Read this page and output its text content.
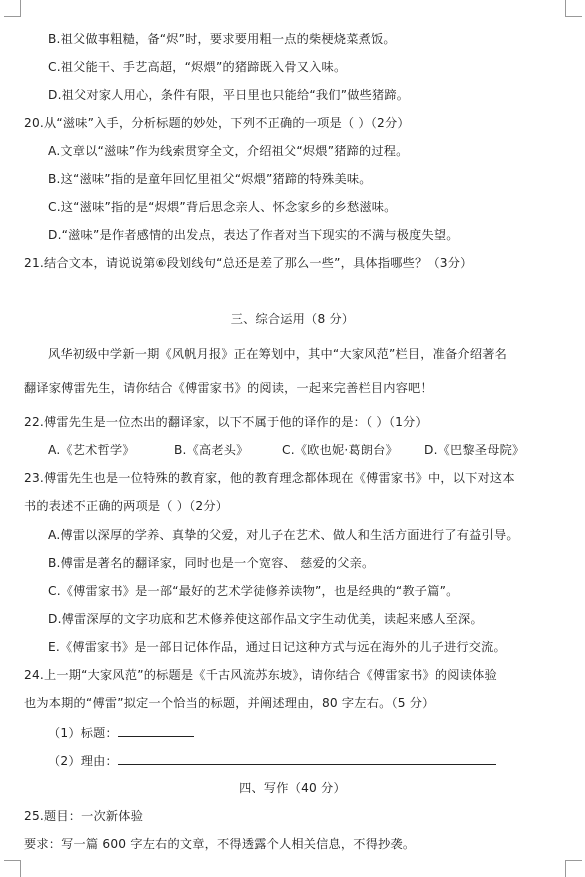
B.祖父做事粗糙，备“烬”时，要求要用粗一点的柴梗烧菜煮饭。
C.祖父能干、手艺高超，“烬煨”的猪蹄既入骨又入味。
D.祖父对家人用心，条件有限，平日里也只能给“我们”做些猪蹄。
20.从“滋味”入手，分析标题的妙处，下列不正确的一项是（ ）（2分）
A.文章以“滋味”作为线索贯穿全文，介绍祖父“烬煨”猪蹄的过程。
B.这“滋味”指的是童年回忆里祖父“烬煨”猪蹄的特殊美味。
C.这“滋味”指的是“烬煨”背后思念亲人、怀念家乡的乡愁滋味。
D.“滋味”是作者感情的出发点，表达了作者对当下现实的不满与极度失望。
21.结合文本，请说说第⑥段划线句“总还是差了那么一些”，具体指哪些？（3分）
三、综合运用（8 分）
风华初级中学新一期《风帆月报》正在筹划中，其中“大家风范”栏目，准备介绍著名
翻译家傅雷先生，请你结合《傅雷家书》的阅读，一起来完善栏目内容吧！
22.傅雷先生是一位杰出的翻译家，以下不属于他的译作的是：（ ）（1分）
A.《艺术哲学》	B.《高老头》	C.《欧也妮·葛朗台》 D.《巴黎圣母院》
23.傅雷先生也是一位特殊的教育家，他的教育理念都体现在《傅雷家书》中，以下对这本
书的表述不正确的两项是（ ）（2分）
A.傅雷以深厚的学养、真挚的父爱，对儿子在艺术、做人和生活方面进行了有益引导。
B.傅雷是著名的翻译家，同时也是一个宽容、 慈爱的父亲。
C.《傅雷家书》是一部“最好的艺术学徒修养读物”，也是经典的“教子篇”。
D.傅雷深厚的文字功底和艺术修养使这部作品文字生动优美，读起来感人至深。
E.《傅雷家书》是一部日记体作品，通过日记这种方式与远在海外的儿子进行交流。
24.上一期“大家风范”的标题是《千古风流苏东坡》，请你结合《傅雷家书》的阅读体验
也为本期的“傅雷”拟定一个恰当的标题，并阐述理由，80 字左右。（5 分）
（1）标题：
（2）理由：
四、写作（40 分）
25.题目：一次新体验
要求：写一篇 600 字左右的文章，不得透露个人相关信息，不得抄袭。
